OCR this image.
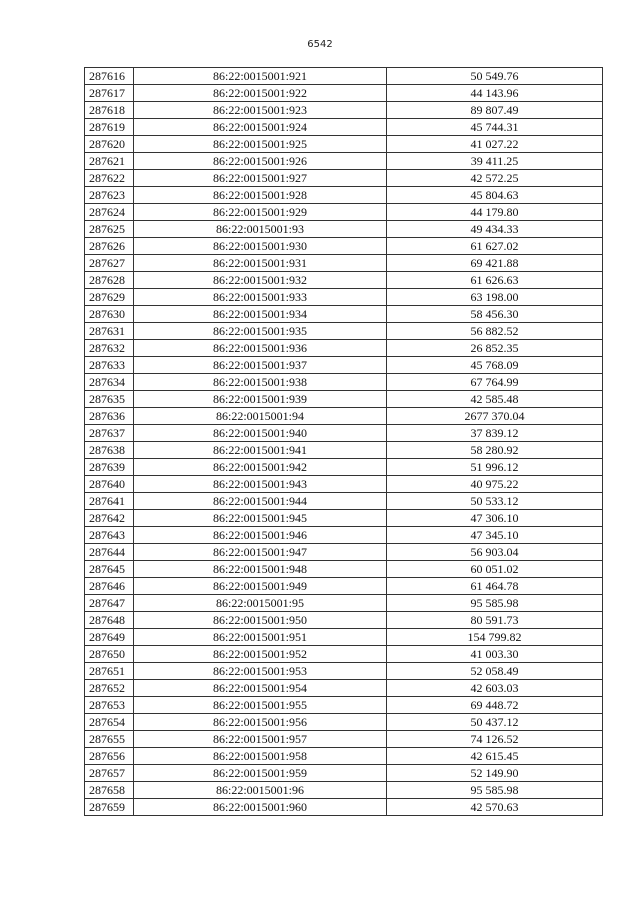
6542
287616	86:22:0015001:921	50 549.76
287617	86:22:0015001:922	44 143.96
287618	86:22:0015001:923	89 807.49
287619	86:22:0015001:924	45 744.31
287620	86:22:0015001:925	41 027.22
287621	86:22:0015001:926	39 411.25
287622	86:22:0015001:927	42 572.25
287623	86:22:0015001:928	45 804.63
287624	86:22:0015001:929	44 179.80
287625	86:22:0015001:93	49 434.33
287626	86:22:0015001:930	61 627.02
287627	86:22:0015001:931	69 421.88
287628	86:22:0015001:932	61 626.63
287629	86:22:0015001:933	63 198.00
287630	86:22:0015001:934	58 456.30
287631	86:22:0015001:935	56 882.52
287632	86:22:0015001:936	26 852.35
287633	86:22:0015001:937	45 768.09
287634	86:22:0015001:938	67 764.99
287635	86:22:0015001:939	42 585.48
287636	86:22:0015001:94	2677 370.04
287637	86:22:0015001:940	37 839.12
287638	86:22:0015001:941	58 280.92
287639	86:22:0015001:942	51 996.12
287640	86:22:0015001:943	40 975.22
287641	86:22:0015001:944	50 533.12
287642	86:22:0015001:945	47 306.10
287643	86:22:0015001:946	47 345.10
287644	86:22:0015001:947	56 903.04
287645	86:22:0015001:948	60 051.02
287646	86:22:0015001:949	61 464.78
287647	86:22:0015001:95	95 585.98
287648	86:22:0015001:950	80 591.73
287649	86:22:0015001:951	154 799.82
287650	86:22:0015001:952	41 003.30
287651	86:22:0015001:953	52 058.49
287652	86:22:0015001:954	42 603.03
287653	86:22:0015001:955	69 448.72
287654	86:22:0015001:956	50 437.12
287655	86:22:0015001:957	74 126.52
287656	86:22:0015001:958	42 615.45
287657	86:22:0015001:959	52 149.90
287658	86:22:0015001:96	95 585.98
287659	86:22:0015001:960	42 570.63
